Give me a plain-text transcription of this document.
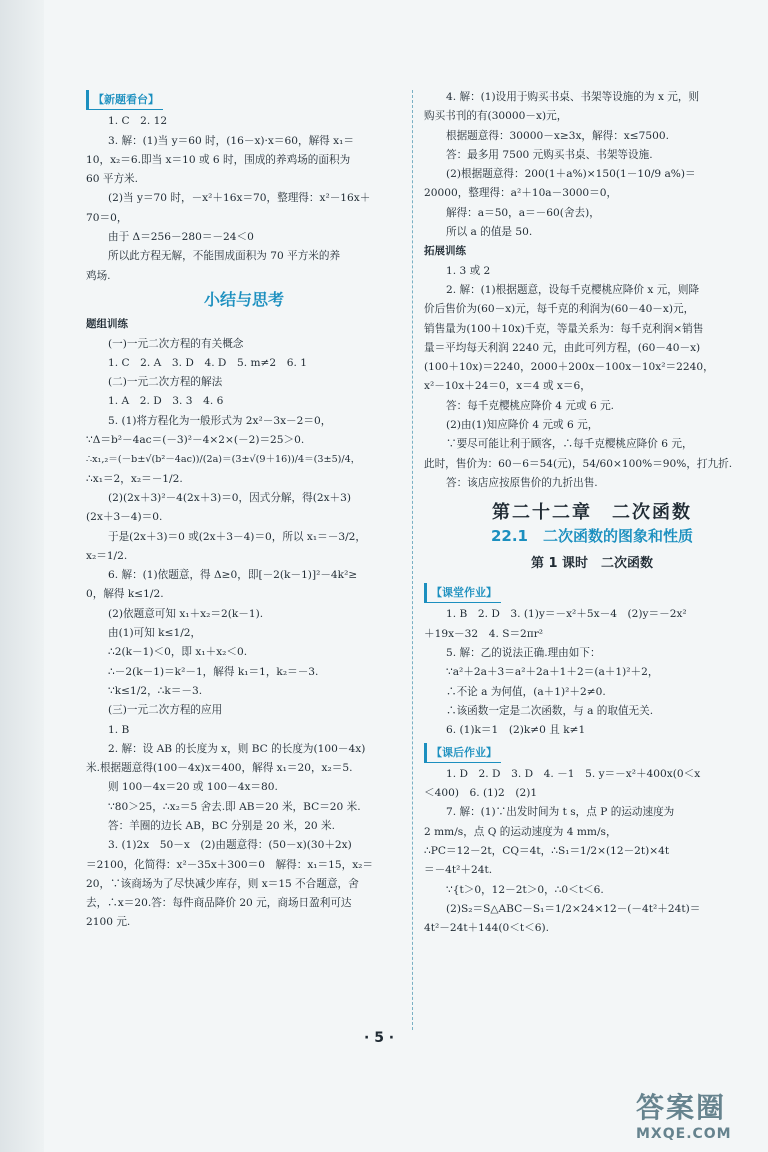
【新题看台】
1. C　2. 12
3. 解：(1)当 y＝60 时，(16－x)·x＝60，解得 x₁＝
10，x₂＝6.即当 x＝10 或 6 时，围成的养鸡场的面积为
60 平方米.
(2)当 y＝70 时，－x²＋16x＝70，整理得：x²－16x＋
70＝0，
由于 Δ＝256－280＝－24＜0
所以此方程无解，不能围成面积为 70 平方米的养
鸡场.
小结与思考
题组训练
(一)一元二次方程的有关概念
1. C　2. A　3. D　4. D　5. m≠2　6. 1
(二)一元二次方程的解法
1. A　2. D　3. 3　4. 6
5. (1)将方程化为一般形式为 2x²－3x－2＝0，
∵Δ＝b²－4ac＝(－3)²－4×2×(－2)＝25＞0.
∴x₁,₂＝(－b±√(b²－4ac))/(2a)＝(3±√(9＋16))/4＝(3±5)/4，
∴x₁＝2，x₂＝－1/2.
(2)(2x＋3)²－4(2x＋3)＝0，因式分解，得(2x＋3)
(2x＋3－4)＝0.
于是(2x＋3)＝0 或(2x＋3－4)＝0，所以 x₁＝－3/2，
x₂＝1/2.
6. 解：(1)依题意，得 Δ≥0，即[－2(k－1)]²－4k²≥
0，解得 k≤1/2.
(2)依题意可知 x₁＋x₂＝2(k－1).
由(1)可知 k≤1/2，
∴2(k－1)＜0，即 x₁＋x₂＜0.
∴－2(k－1)＝k²－1，解得 k₁＝1，k₂＝－3.
∵k≤1/2，∴k＝－3.
(三)一元二次方程的应用
1. B
2. 解：设 AB 的长度为 x，则 BC 的长度为(100－4x)
米.根据题意得(100－4x)x＝400，解得 x₁＝20，x₂＝5.
则 100－4x＝20 或 100－4x＝80.
∵80＞25，∴x₂＝5 舍去.即 AB＝20 米，BC＝20 米.
答：羊圈的边长 AB，BC 分别是 20 米，20 米.
3. (1)2x　50－x　(2)由题意得：(50－x)(30＋2x)
＝2100，化简得：x²－35x＋300＝0　解得：x₁＝15，x₂＝
20，∵该商场为了尽快减少库存，则 x＝15 不合题意，舍
去，∴x＝20.答：每件商品降价 20 元，商场日盈利可达
2100 元.
4. 解：(1)设用于购买书桌、书架等设施的为 x 元，则
购买书刊的有(30000－x)元，
根据题意得：30000－x≥3x，解得：x≤7500.
答：最多用 7500 元购买书桌、书架等设施.
(2)根据题意得：200(1＋a%)×150(1－10/9 a%)＝
20000，整理得：a²＋10a－3000＝0，
解得：a＝50，a＝－60(舍去)，
所以 a 的值是 50.
拓展训练
1. 3 或 2
2. 解：(1)根据题意，设每千克樱桃应降价 x 元，则降
价后售价为(60－x)元，每千克的利润为(60－40－x)元，
销售量为(100＋10x)千克，等量关系为：每千克利润×销售
量＝平均每天利润 2240 元，由此可列方程，(60－40－x)
(100＋10x)＝2240，2000＋200x－100x－10x²＝2240，
x²－10x＋24＝0，x＝4 或 x＝6，
答：每千克樱桃应降价 4 元或 6 元.
(2)由(1)知应降价 4 元或 6 元，
∵要尽可能让利于顾客，∴每千克樱桃应降价 6 元，
此时，售价为：60－6＝54(元)，54/60×100%＝90%，打九折.
答：该店应按原售价的九折出售.
第二十二章　二次函数
22.1　二次函数的图象和性质
第 1 课时　二次函数
【课堂作业】
1. B　2. D　3. (1)y＝－x²＋5x－4　(2)y＝－2x²
＋19x－32　4. S＝2πr²
5. 解：乙的说法正确.理由如下：
∵a²＋2a＋3＝a²＋2a＋1＋2＝(a＋1)²＋2，
∴不论 a 为何值，(a＋1)²＋2≠0.
∴该函数一定是二次函数，与 a 的取值无关.
6. (1)k＝1　(2)k≠0 且 k≠1
【课后作业】
1. D　2. D　3. D　4. －1　5. y＝－x²＋400x(0＜x
＜400)　6. (1)2　(2)1
7. 解：(1)∵出发时间为 t s，点 P 的运动速度为
2 mm/s，点 Q 的运动速度为 4 mm/s，
∴PC＝12－2t，CQ＝4t，∴S₁＝1/2×(12－2t)×4t
＝－4t²＋24t.
∵{t＞0，12－2t＞0，∴0＜t＜6.
(2)S₂＝S△ABC－S₁＝1/2×24×12－(－4t²＋24t)＝
4t²－24t＋144(0＜t＜6).
· 5 ·
答案圈
MXQE.COM
